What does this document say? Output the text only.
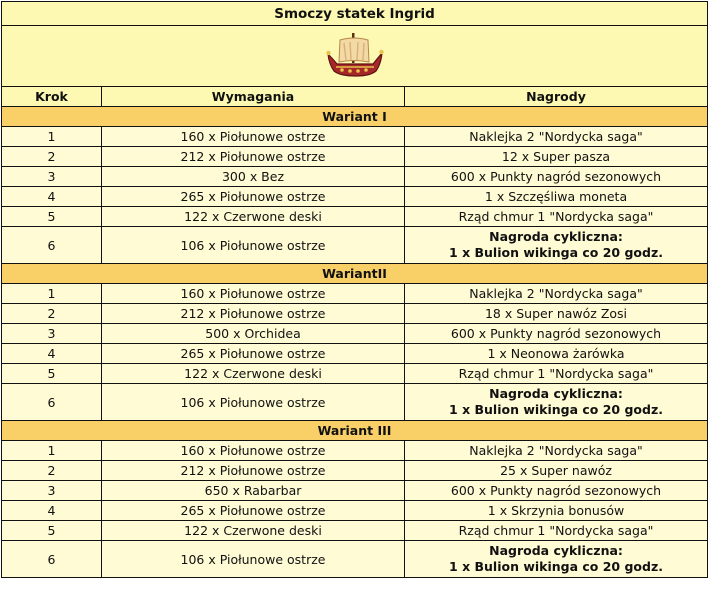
Smoczy statek Ingrid		

Krok	Wymagania	Nagrody
Wariant I		
1	160 x Piołunowe ostrze	Naklejka 2 "Nordycka saga"
2	212 x Piołunowe ostrze	12 x Super pasza
3	300 x Bez	600 x Punkty nagród sezonowych
4	265 x Piołunowe ostrze	1 x Szczęśliwa moneta
5	122 x Czerwone deski	Rząd chmur 1 "Nordycka saga"
6	106 x Piołunowe ostrze	Nagroda cykliczna:
1 x Bulion wikinga co 20 godz.

WariantII		
1	160 x Piołunowe ostrze	Naklejka 2 "Nordycka saga"
2	212 x Piołunowe ostrze	18 x Super nawóz Zosi
3	500 x Orchidea	600 x Punkty nagród sezonowych
4	265 x Piołunowe ostrze	1 x Neonowa żarówka
5	122 x Czerwone deski	Rząd chmur 1 "Nordycka saga"
6	106 x Piołunowe ostrze	Nagroda cykliczna:
1 x Bulion wikinga co 20 godz.

Wariant III		
1	160 x Piołunowe ostrze	Naklejka 2 "Nordycka saga"
2	212 x Piołunowe ostrze	25 x Super nawóz
3	650 x Rabarbar	600 x Punkty nagród sezonowych
4	265 x Piołunowe ostrze	1 x Skrzynia bonusów
5	122 x Czerwone deski	Rząd chmur 1 "Nordycka saga"
6	106 x Piołunowe ostrze	Nagroda cykliczna:
1 x Bulion wikinga co 20 godz.
